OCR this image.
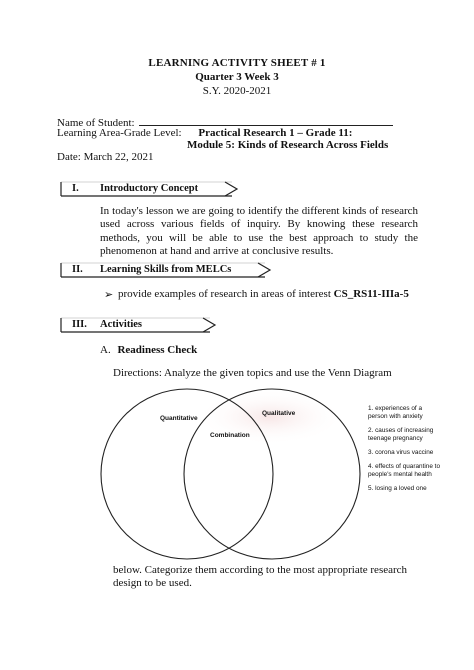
LEARNING ACTIVITY SHEET # 1
Quarter 3 Week 3
S.Y. 2020-2021
Name of Student:
Learning Area-Grade Level: Practical Research 1 – Grade 11:
Module 5: Kinds of Research Across Fields
Date: March 22, 2021
I. Introductory Concept
In today's lesson we are going to identify the different kinds of research used across various fields of inquiry. By knowing these research methods, you will be able to use the best approach to study the phenomenon at hand and arrive at conclusive results.
II. Learning Skills from MELCs
➢ provide examples of research in areas of interest CS_RS11-IIIa-5
III. Activities
A. Readiness Check
Directions: Analyze the given topics and use the Venn Diagram
Quantitative
Qualitative
Combination
1. experiences of a person with anxiety
2. causes of increasing teenage pregnancy
3. corona virus vaccine
4. effects of quarantine to people's mental health
5. losing a loved one
below. Categorize them according to the most appropriate research design to be used.
